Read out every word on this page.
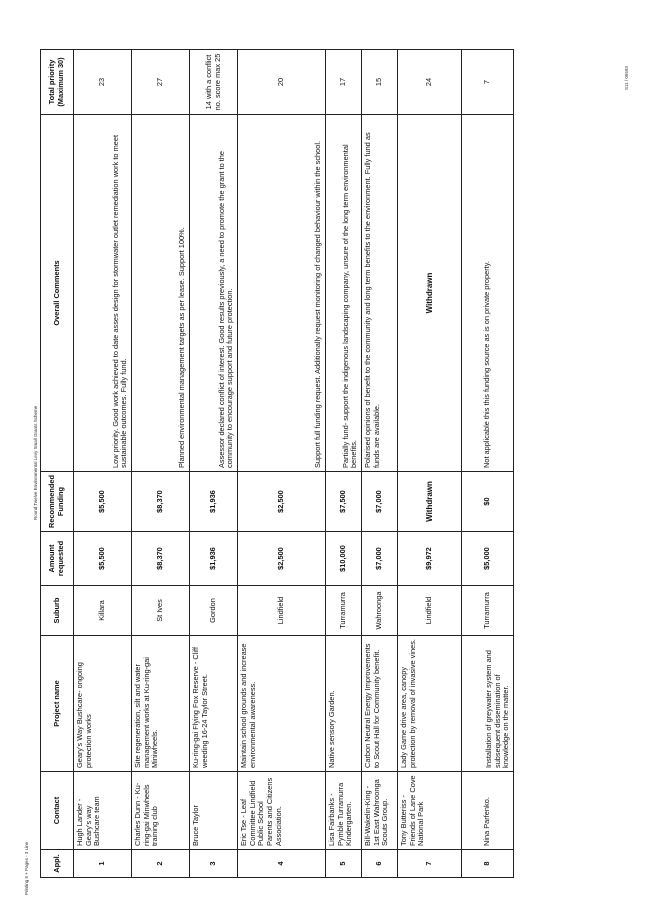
Round Twelve Environmental Levy Small Grants Scheme
Printing 5 + Pages - 3 Line
S11 / 05593
Appl.	Contact	Project name	Suburb	Amount requested	Recommended Funding	Overall Comments	Total priority (Maximum 30)
1	Hugh Lander - Geary's way Bushcare team	Geary's Way Bushcare- ongoing protection works	Killara	$5,500	$5,500	Low priority. Good work achieved to date asses design for stormwater outlet remediation work to meet sustainable outcomes. Fully fund.	23
2	Charles Dunn - Ku-ring-gai Minwheels training club	Site regeneration, silt and water management works at Ku-ring-gai Miniwheels.	St Ives	$8,370	$8,370	Planned environmental management targets as per lease. Support 100%.	27
3	Bruce Taylor	Ku-ring-gai Flying Fox Reserve - Cliff weeding 16-24 Taylor Street.	Gordon	$1,936	$1,936	Assessor declared conflict of interest. Good results previously, a need to promote the grant to the community to encourage support and future protection.	14 with a conflict no. score max 25
4	Eric Tse - Leaf Committee Lindfield Public School Parents and Citizens Association.	Maintain school grounds and increase environmental awareness.	Lindfield	$2,500	$2,500	Support full funding request. Additionally request monitoring of changed behaviour within the school.	20
5	Lisa Fairbanks - Pymble Turramurra Kindergarten.	Native sensory Garden.	Turramurra	$10,000	$7,500	Partially fund- support the indigenous landscaping company, unsure of the long term environmental benefits.	17
6	Bill-Wakelin-King - 1st East Wahroonga Scouts Group.	Carbon Neutral Energy Improvements to Scout Hall for Community benefit.	Wahroonga	$7,000	$7,000	Polarised opinions of benefit to the community and long term benefits to the environment. Fully fund as funds are available.	15
7	Tony Butteriss - Friends of Lane Cove National Park	Lady Game drive area, canopy protection by removal of invasive vines.	Lindfield	$9,972	Withdrawn	Withdrawn	24
8	Nina Parfenko.	Installation of greywater system and subsequent dissemination of knowledge on the matter.	Turramurra	$5,000	$0	Not applicable this this funding source as is on private property.	7
